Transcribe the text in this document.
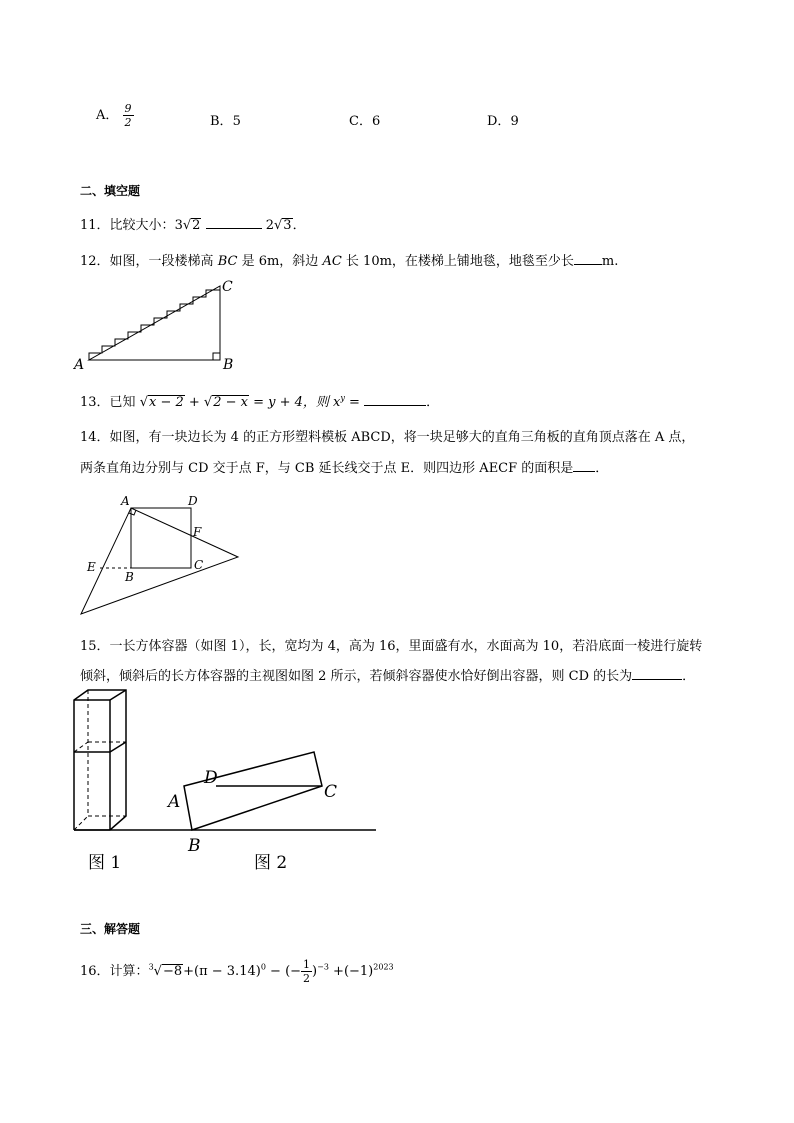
A． $\frac{9}{2}$	B．5	C．6	D．9
二、填空题
11．比较大小：3√2	2√3．
12．如图，一段楼梯高 BC 是 6m，斜边 AC 长 10m，在楼梯上铺地毯，地毯至少长 m.
A	B
C
13．已知 √x − 2 + √2 − x = y + 4，则 $x^y$ =	．
14．如图，有一块边长为 4 的正方形塑料模板 ABCD，将一块足够大的直角三角板的直角顶点落在 A 点，
两条直角边分别与 CD 交于点 F，与 CB 延长线交于点 E．则四边形 AECF 的面积是 ．
A	D
F
C
B
E
15．一长方体容器（如图 1），长，宽均为 4，高为 16，里面盛有水，水面高为 10，若沿底面一棱进行旋转
倾斜，倾斜后的长方体容器的主视图如图 2 所示，若倾斜容器使水恰好倒出容器，则 CD 的长为	．
D
A	C
B
图 1	图 2
三、解答题
16．计算：$^3√-8+(\pi - 3.14)^0$ − (− $\frac{1}{2} )^{-3} +(-1)^{2023}$
